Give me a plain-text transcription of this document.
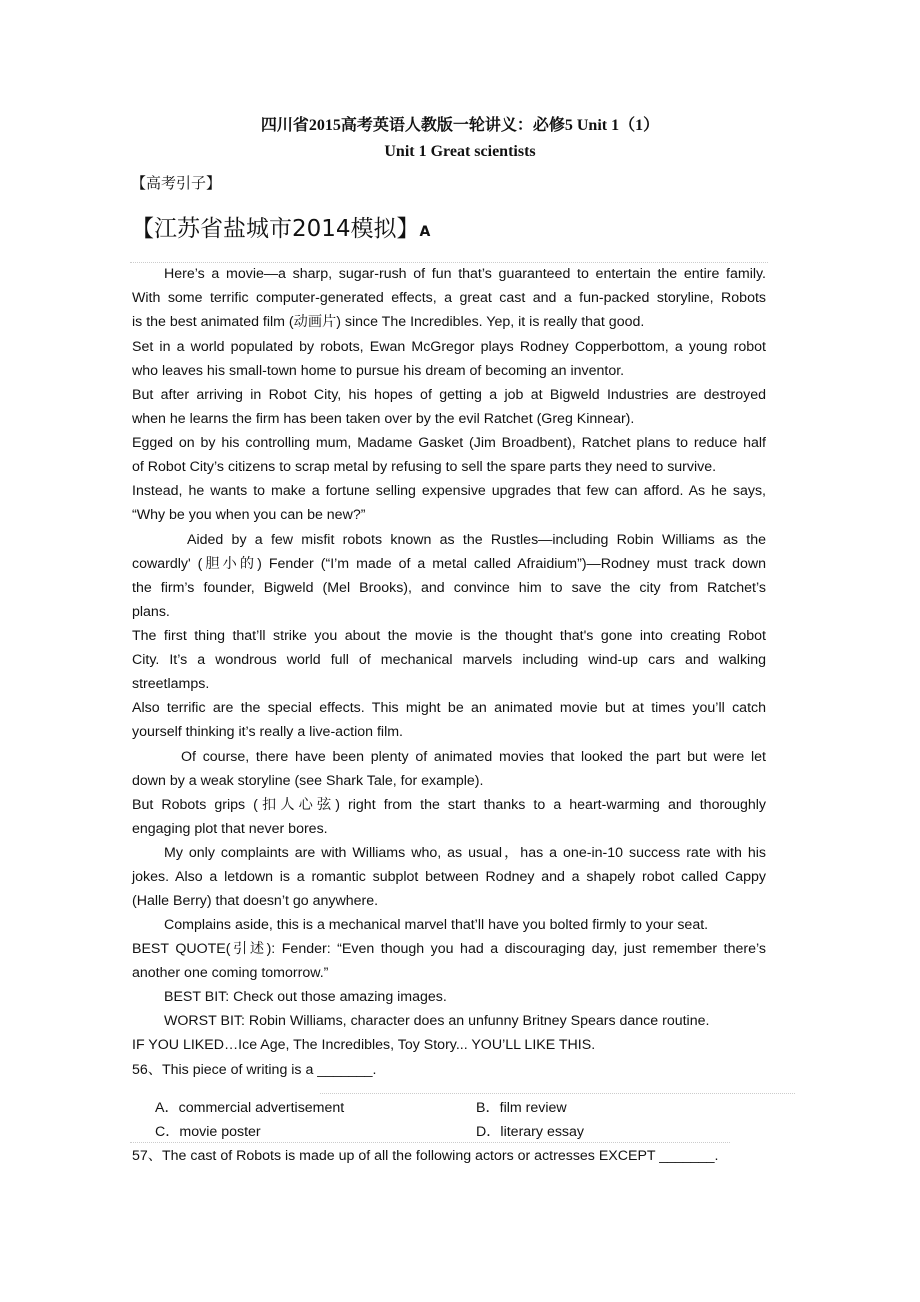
四川省2015高考英语人教版一轮讲义：必修5 Unit 1（1）
Unit 1 Great scientists
【高考引子】
【江苏省盐城市2014模拟】A
Here’s a movie—a sharp, sugar-rush of fun that’s guaranteed to entertain the entire family.
With some terrific computer-generated effects, a great cast and a fun-packed storyline, Robots
is the best animated film (动画片) since The Incredibles. Yep, it is really that good.
Set in a world populated by robots, Ewan McGregor plays Rodney Copperbottom, a young robot
who leaves his small-town home to pursue his dream of becoming an inventor.
But after arriving in Robot City, his hopes of getting a job at Bigweld Industries are destroyed
when he learns the firm has been taken over by the evil Ratchet (Greg Kinnear).
Egged on by his controlling mum, Madame Gasket (Jim Broadbent), Ratchet plans to reduce half
of Robot City’s citizens to scrap metal by refusing to sell the spare parts they need to survive.
Instead, he wants to make a fortune selling expensive upgrades that few can afford. As he says,
“Why be you when you can be new?”
Aided by a few misfit robots known as the Rustles—including Robin Williams as the
cowardly' (胆小的) Fender (“I’m made of a metal called Afraidium”)—Rodney must track down
the firm’s founder, Bigweld (Mel Brooks), and convince him to save the city from Ratchet’s
plans.
The first thing that’ll strike you about the movie is the thought that's gone into creating Robot
City. It’s a wondrous world full of mechanical marvels including wind-up cars and walking
streetlamps.
Also terrific are the special effects. This might be an animated movie but at times you’ll catch
yourself thinking it’s really a live-action film.
Of course, there have been plenty of animated movies that looked the part but were let
down by a weak storyline (see Shark Tale, for example).
But Robots grips (扣人心弦) right from the start thanks to a heart-warming and thoroughly
engaging plot that never bores.
My only complaints are with Williams who, as usual，has a one-in-10 success rate with his
jokes. Also a letdown is a romantic subplot between Rodney and a shapely robot called Cappy
(Halle Berry) that doesn’t go anywhere.
Complains aside, this is a mechanical marvel that’ll have you bolted firmly to your seat.
BEST QUOTE(引述): Fender: “Even though you had a discouraging day, just remember there’s
another one coming tomorrow.”
BEST BIT: Check out those amazing images.
WORST BIT: Robin Williams, character does an unfunny Britney Spears dance routine.
IF YOU LIKED…Ice Age, The Incredibles, Toy Story... YOU’LL LIKE THIS.
56、This piece of writing is a _______.
A．commercial advertisement	B．film review
C．movie poster	D．literary essay
57、The cast of Robots is made up of all the following actors or actresses EXCEPT _______.
